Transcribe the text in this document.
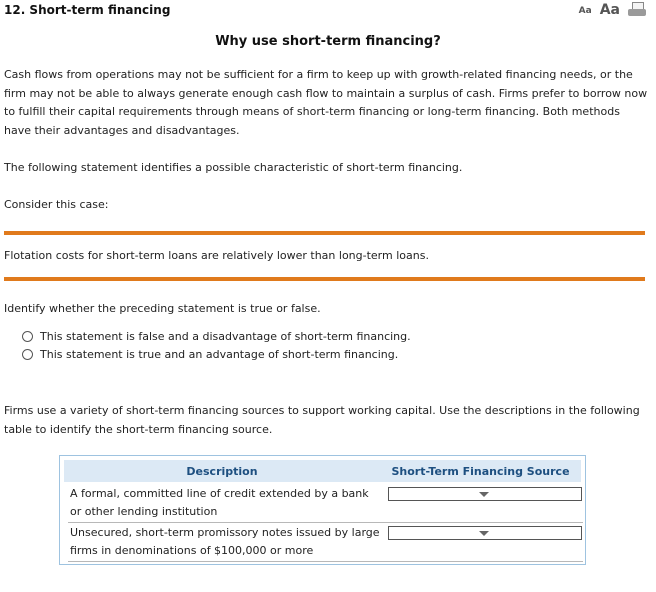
12. Short-term financing	Aa Aa
Why use short-term financing?
Cash flows from operations may not be sufficient for a firm to keep up with growth-related financing needs, or the firm may not be able to always generate enough cash flow to maintain a surplus of cash. Firms prefer to borrow now to fulfill their capital requirements through means of short-term financing or long-term financing. Both methods have their advantages and disadvantages.
The following statement identifies a possible characteristic of short-term financing.
Consider this case:
Flotation costs for short-term loans are relatively lower than long-term loans.
Identify whether the preceding statement is true or false.
This statement is false and a disadvantage of short-term financing.
This statement is true and an advantage of short-term financing.
Firms use a variety of short-term financing sources to support working capital. Use the descriptions in the following table to identify the short-term financing source.
Description	Short-Term Financing Source
A formal, committed line of credit extended by a bank or other lending institution
Unsecured, short-term promissory notes issued by large firms in denominations of $100,000 or more
